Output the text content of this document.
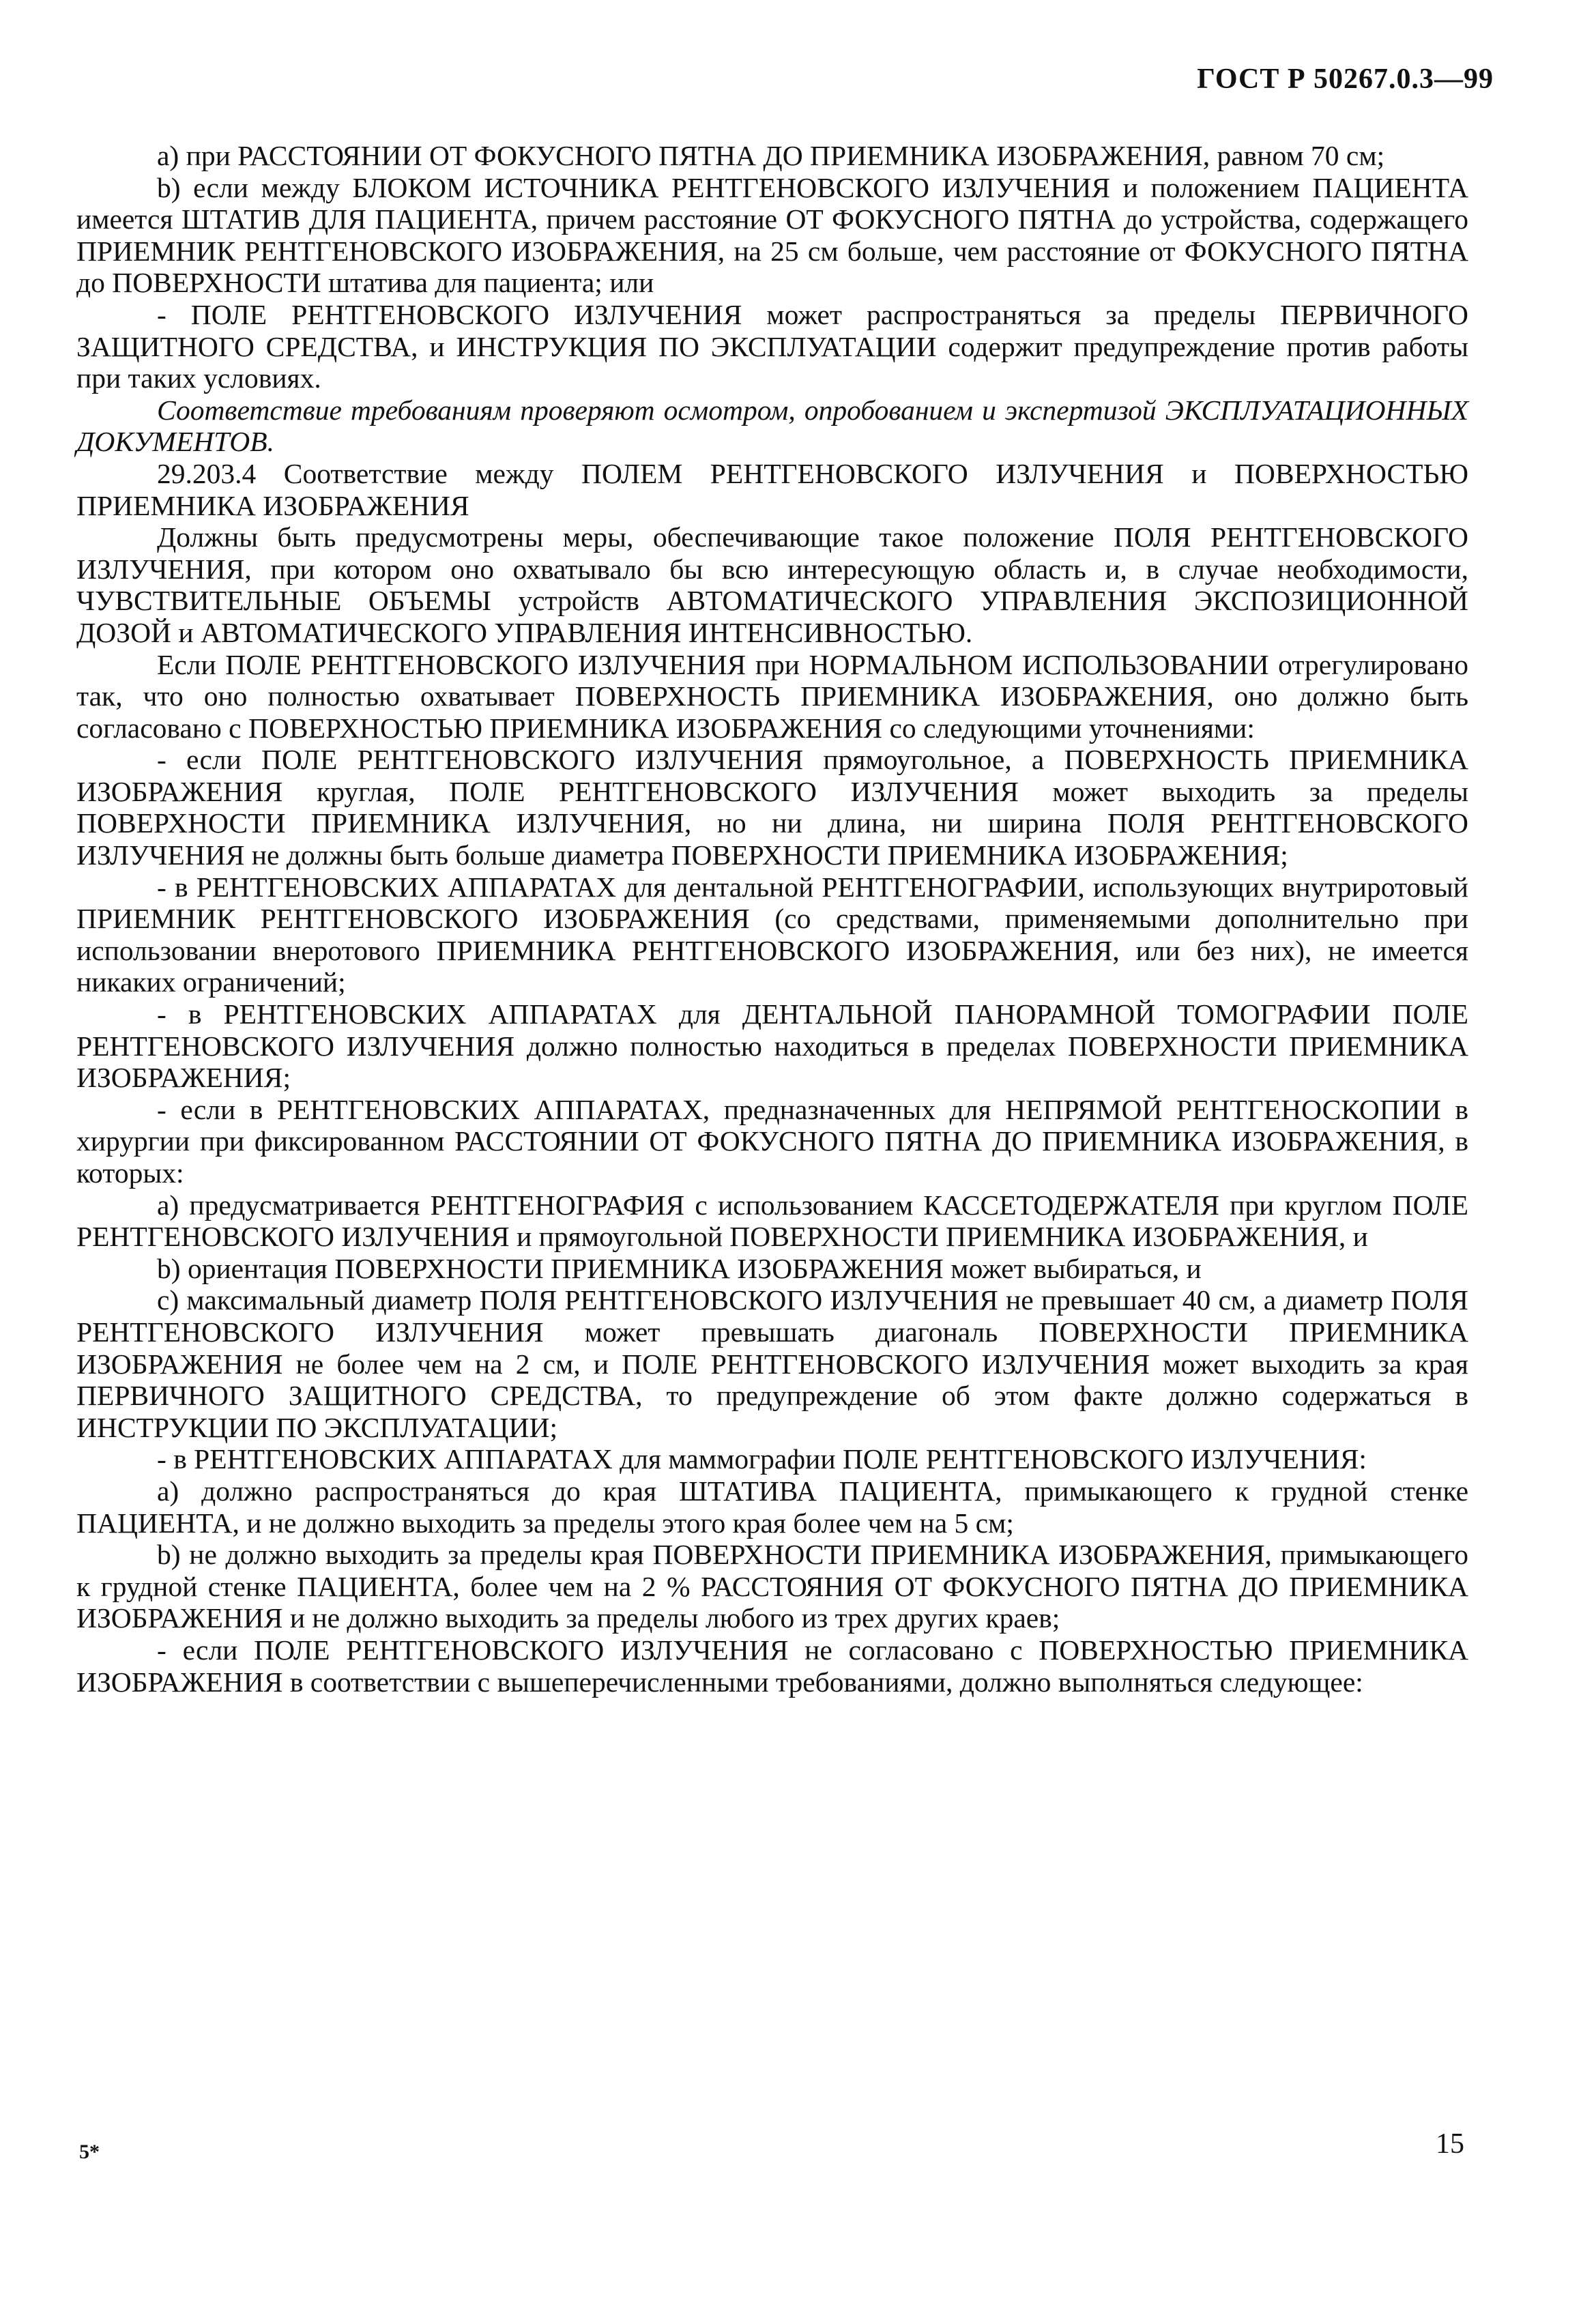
ГОСТ Р 50267.0.3—99

а) при РАССТОЯНИИ ОТ ФОКУСНОГО ПЯТНА ДО ПРИЕМНИКА ИЗОБРАЖЕНИЯ, равном 70 см;

b) если между БЛОКОМ ИСТОЧНИКА РЕНТГЕНОВСКОГО ИЗЛУЧЕНИЯ и положением ПАЦИЕНТА имеется ШТАТИВ ДЛЯ ПАЦИЕНТА, причем расстояние ОТ ФОКУСНОГО ПЯТНА до устройства, содержащего ПРИЕМНИК РЕНТГЕНОВСКОГО ИЗОБРАЖЕНИЯ, на 25 см больше, чем расстояние от ФОКУСНОГО ПЯТНА до ПОВЕРХНОСТИ штатива для пациента; или

- ПОЛЕ РЕНТГЕНОВСКОГО ИЗЛУЧЕНИЯ может распространяться за пределы ПЕРВИЧНОГО ЗАЩИТНОГО СРЕДСТВА, и ИНСТРУКЦИЯ ПО ЭКСПЛУАТАЦИИ содержит предупреждение против работы при таких условиях.

Соответствие требованиям проверяют осмотром, опробованием и экспертизой ЭКСПЛУАТАЦИОННЫХ ДОКУМЕНТОВ.

29.203.4 Соответствие между ПОЛЕМ РЕНТГЕНОВСКОГО ИЗЛУЧЕНИЯ и ПОВЕРХНОСТЬЮ ПРИЕМНИКА ИЗОБРАЖЕНИЯ

Должны быть предусмотрены меры, обеспечивающие такое положение ПОЛЯ РЕНТГЕНОВСКОГО ИЗЛУЧЕНИЯ, при котором оно охватывало бы всю интересующую область и, в случае необходимости, ЧУВСТВИТЕЛЬНЫЕ ОБЪЕМЫ устройств АВТОМАТИЧЕСКОГО УПРАВЛЕНИЯ ЭКСПОЗИЦИОННОЙ ДОЗОЙ и АВТОМАТИЧЕСКОГО УПРАВЛЕНИЯ ИНТЕНСИВНОСТЬЮ.

Если ПОЛЕ РЕНТГЕНОВСКОГО ИЗЛУЧЕНИЯ при НОРМАЛЬНОМ ИСПОЛЬЗОВАНИИ отрегулировано так, что оно полностью охватывает ПОВЕРХНОСТЬ ПРИЕМНИКА ИЗОБРАЖЕНИЯ, оно должно быть согласовано с ПОВЕРХНОСТЬЮ ПРИЕМНИКА ИЗОБРАЖЕНИЯ со следующими уточнениями:

- если ПОЛЕ РЕНТГЕНОВСКОГО ИЗЛУЧЕНИЯ прямоугольное, а ПОВЕРХНОСТЬ ПРИЕМНИКА ИЗОБРАЖЕНИЯ круглая, ПОЛЕ РЕНТГЕНОВСКОГО ИЗЛУЧЕНИЯ может выходить за пределы ПОВЕРХНОСТИ ПРИЕМНИКА ИЗЛУЧЕНИЯ, но ни длина, ни ширина ПОЛЯ РЕНТГЕНОВСКОГО ИЗЛУЧЕНИЯ не должны быть больше диаметра ПОВЕРХНОСТИ ПРИЕМНИКА ИЗОБРАЖЕНИЯ;

- в РЕНТГЕНОВСКИХ АППАРАТАХ для дентальной РЕНТГЕНОГРАФИИ, использующих внутриротовый ПРИЕМНИК РЕНТГЕНОВСКОГО ИЗОБРАЖЕНИЯ (со средствами, применяемыми дополнительно при использовании внеротового ПРИЕМНИКА РЕНТГЕНОВСКОГО ИЗОБРАЖЕНИЯ, или без них), не имеется никаких ограничений;

- в РЕНТГЕНОВСКИХ АППАРАТАХ для ДЕНТАЛЬНОЙ ПАНОРАМНОЙ ТОМОГРАФИИ ПОЛЕ РЕНТГЕНОВСКОГО ИЗЛУЧЕНИЯ должно полностью находиться в пределах ПОВЕРХНОСТИ ПРИЕМНИКА ИЗОБРАЖЕНИЯ;

- если в РЕНТГЕНОВСКИХ АППАРАТАХ, предназначенных для НЕПРЯМОЙ РЕНТГЕНОСКОПИИ в хирургии при фиксированном РАССТОЯНИИ ОТ ФОКУСНОГО ПЯТНА ДО ПРИЕМНИКА ИЗОБРАЖЕНИЯ, в которых:

а) предусматривается РЕНТГЕНОГРАФИЯ с использованием КАССЕТОДЕРЖАТЕЛЯ при круглом ПОЛЕ РЕНТГЕНОВСКОГО ИЗЛУЧЕНИЯ и прямоугольной ПОВЕРХНОСТИ ПРИЕМНИКА ИЗОБРАЖЕНИЯ, и

b) ориентация ПОВЕРХНОСТИ ПРИЕМНИКА ИЗОБРАЖЕНИЯ может выбираться, и

c) максимальный диаметр ПОЛЯ РЕНТГЕНОВСКОГО ИЗЛУЧЕНИЯ не превышает 40 см, а диаметр ПОЛЯ РЕНТГЕНОВСКОГО ИЗЛУЧЕНИЯ может превышать диагональ ПОВЕРХНОСТИ ПРИЕМНИКА ИЗОБРАЖЕНИЯ не более чем на 2 см, и ПОЛЕ РЕНТГЕНОВСКОГО ИЗЛУЧЕНИЯ может выходить за края ПЕРВИЧНОГО ЗАЩИТНОГО СРЕДСТВА, то предупреждение об этом факте должно содержаться в ИНСТРУКЦИИ ПО ЭКСПЛУАТАЦИИ;

- в РЕНТГЕНОВСКИХ АППАРАТАХ для маммографии ПОЛЕ РЕНТГЕНОВСКОГО ИЗЛУЧЕНИЯ:

а) должно распространяться до края ШТАТИВА ПАЦИЕНТА, примыкающего к грудной стенке ПАЦИЕНТА, и не должно выходить за пределы этого края более чем на 5 см;

b) не должно выходить за пределы края ПОВЕРХНОСТИ ПРИЕМНИКА ИЗОБРАЖЕНИЯ, примыкающего к грудной стенке ПАЦИЕНТА, более чем на 2 % РАССТОЯНИЯ ОТ ФОКУСНОГО ПЯТНА ДО ПРИЕМНИКА ИЗОБРАЖЕНИЯ и не должно выходить за пределы любого из трех других краев;

- если ПОЛЕ РЕНТГЕНОВСКОГО ИЗЛУЧЕНИЯ не согласовано с ПОВЕРХНОСТЬЮ ПРИЕМНИКА ИЗОБРАЖЕНИЯ в соответствии с вышеперечисленными требованиями, должно выполняться следующее:

5*	15
